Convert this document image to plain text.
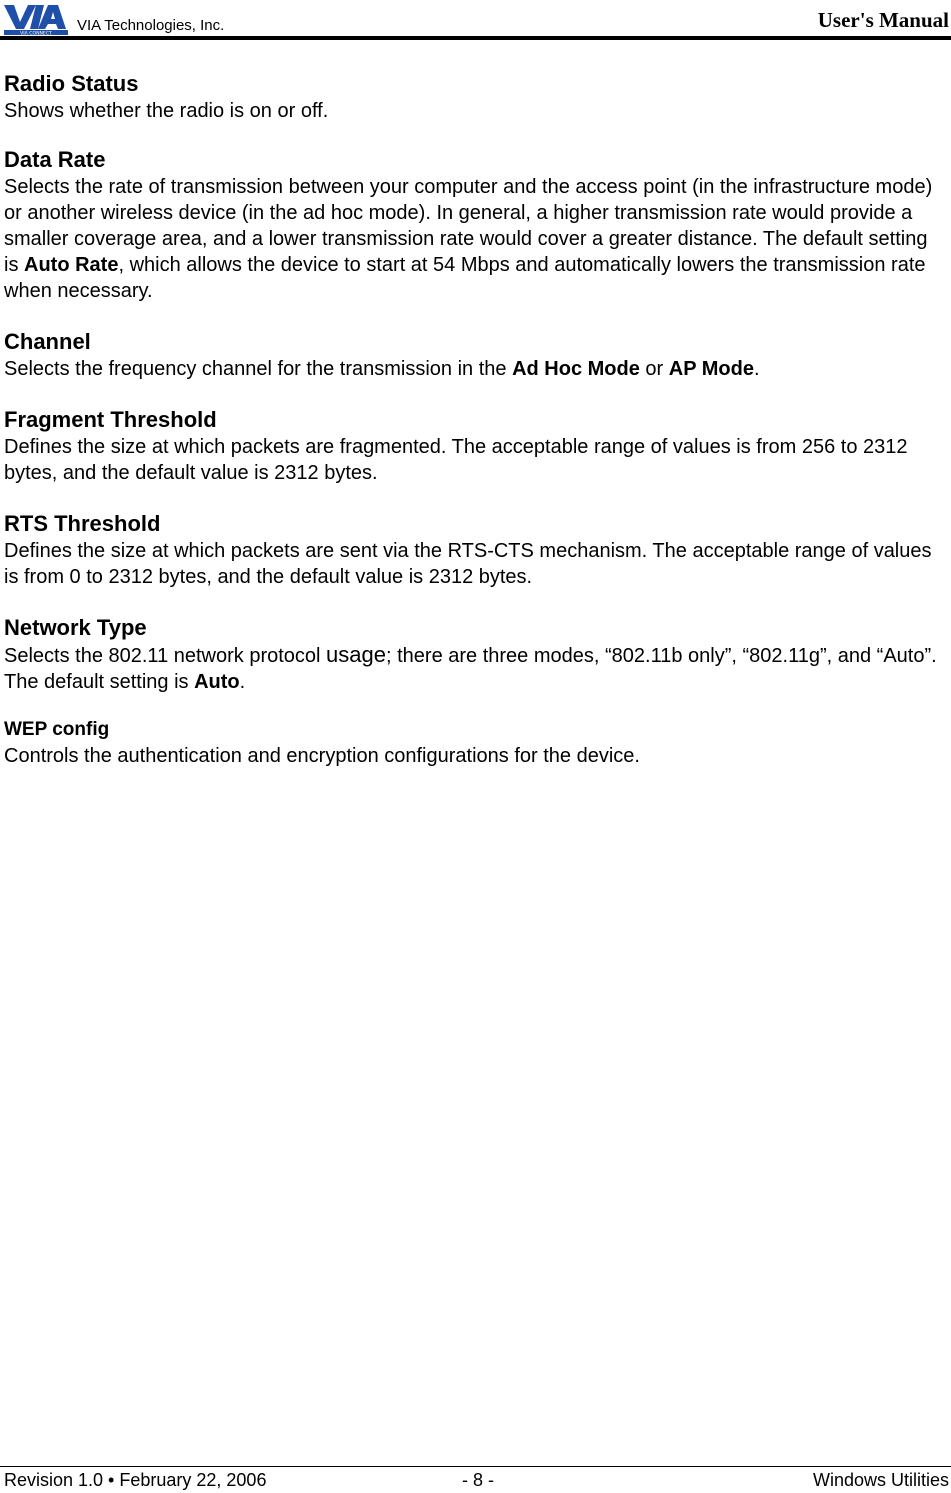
VIA CONNECT VIA Technologies, Inc.	User's Manual
Radio Status
Shows whether the radio is on or off.
Data Rate
Selects the rate of transmission between your computer and the access point (in the infrastructure mode) or another wireless device (in the ad hoc mode). In general, a higher transmission rate would provide a smaller coverage area, and a lower transmission rate would cover a greater distance. The default setting is Auto Rate, which allows the device to start at 54 Mbps and automatically lowers the transmission rate when necessary.
Channel
Selects the frequency channel for the transmission in the Ad Hoc Mode or AP Mode.
Fragment Threshold
Defines the size at which packets are fragmented. The acceptable range of values is from 256 to 2312 bytes, and the default value is 2312 bytes.
RTS Threshold
Defines the size at which packets are sent via the RTS-CTS mechanism. The acceptable range of values is from 0 to 2312 bytes, and the default value is 2312 bytes.
Network Type
Selects the 802.11 network protocol usage; there are three modes, “802.11b only”, “802.11g”, and “Auto”. The default setting is Auto.
WEP config
Controls the authentication and encryption configurations for the device.
Revision 1.0 • February 22, 2006	- 8 -	Windows Utilities
